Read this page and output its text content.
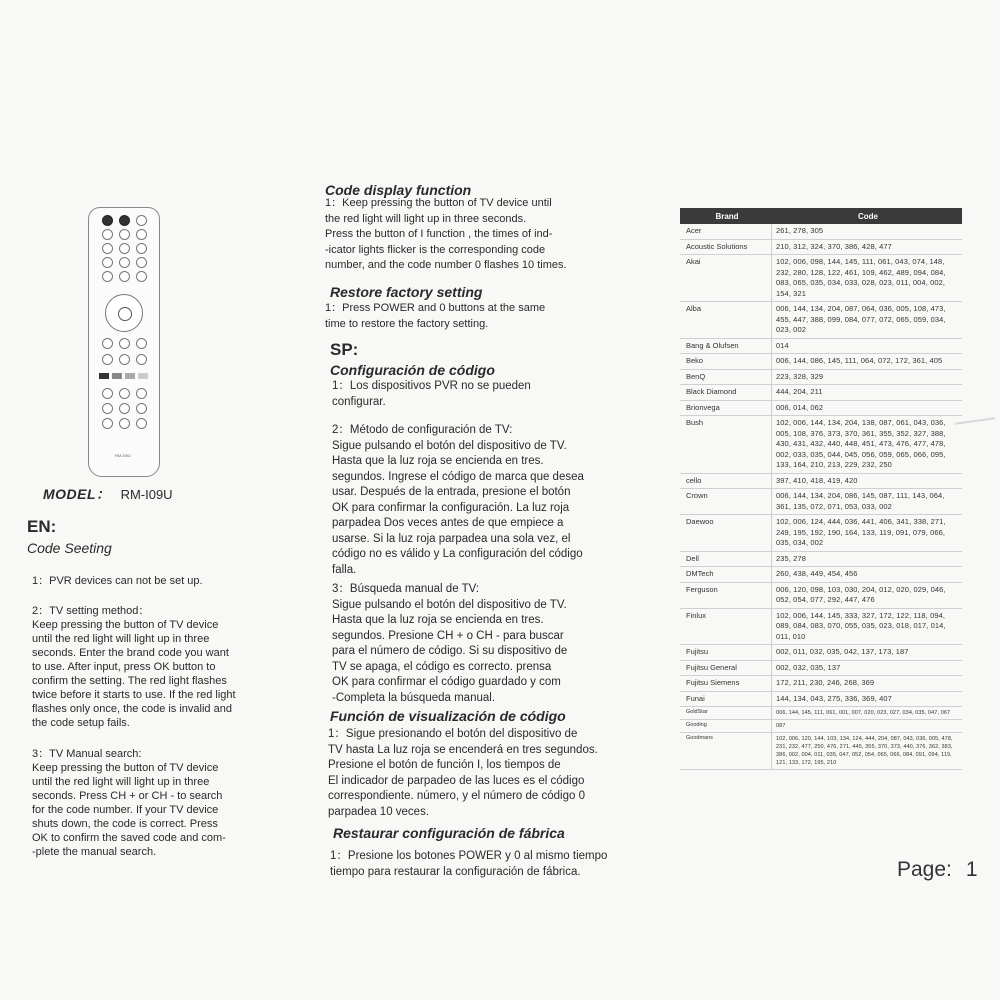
RM-I09U
MODEL： RM-I09U
EN:
Code Seeting
1：PVR devices can not be set up.
2：TV setting method：
Keep pressing the button of TV device
until the red light will light up in three
seconds. Enter the brand code you want
to use. After input, press OK button to
confirm the setting. The red light flashes
twice before it starts to use. If the red light
flashes only once, the code is invalid and
the code setup fails.
3：TV Manual search:
Keep pressing the button of TV device
until the red light will light up in three
seconds. Press CH + or CH - to search
for the code number. If your TV device
shuts down, the code is correct. Press
OK to confirm the saved code and com-
-plete the manual search.
Code display function
1：Keep pressing the button of TV device until
the red light will light up in three seconds.
Press the button of I function , the times of ind-
-icator lights flicker is the corresponding code
number, and the code number 0 flashes 10 times.
Restore factory setting
1：Press POWER and 0 buttons at the same
time to restore the factory setting.
SP:
Configuración de código
1：Los dispositivos PVR no se pueden
configurar.
2：Método de configuración de TV:
Sigue pulsando el botón del dispositivo de TV.
Hasta que la luz roja se encienda en tres.
segundos. Ingrese el código de marca que desea
usar. Después de la entrada, presione el botón
OK para confirmar la configuración. La luz roja
parpadea Dos veces antes de que empiece a
usarse. Si la luz roja parpadea una sola vez, el
código no es válido y La configuración del código
falla.
3：Búsqueda manual de TV:
Sigue pulsando el botón del dispositivo de TV.
Hasta que la luz roja se encienda en tres.
segundos. Presione CH + o CH - para buscar
para el número de código. Si su dispositivo de
TV se apaga, el código es correcto. prensa
OK para confirmar el código guardado y com
-Completa la búsqueda manual.
Función de visualización de código
1：Sigue presionando el botón del dispositivo de
TV hasta La luz roja se encenderá en tres segundos.
Presione el botón de función I, los tiempos de
El indicador de parpadeo de las luces es el código
correspondiente. número, y el número de código 0
parpadea 10 veces.
Restaurar configuración de fábrica
1：Presione los botones POWER y 0 al mismo tiempo
tiempo para restaurar la configuración de fábrica.
Brand	Code
Acer	261, 278, 305
Acoustic Solutions	210, 312, 324, 370, 386, 428, 477
Akai	102, 006, 098, 144, 145, 111, 061, 043, 074, 148, 232, 280, 128, 122, 461, 109, 462, 489, 094, 084, 083, 065, 035, 034, 033, 028, 023, 011, 004, 002, 154, 321
Alba	006, 144, 134, 204, 087, 064, 036, 005, 108, 473, 455, 447, 388, 099, 084, 077, 072, 065, 059, 034, 023, 002
Bang & Olufsen	014
Beko	006, 144, 086, 145, 111, 064, 072, 172, 361, 405
BenQ	223, 328, 329
Black Diamond	444, 204, 211
Brionvega	006, 014, 062
Bush	102, 006, 144, 134, 204, 138, 087, 061, 043, 036, 005, 108, 376, 373, 370, 361, 355, 352, 327, 388, 430, 431, 432, 440, 448, 451, 473, 476, 477, 478, 002, 033, 035, 044, 045, 056, 059, 065, 066, 095, 133, 164, 210, 213, 229, 232, 250
cello	397, 410, 418, 419, 420
Crown	006, 144, 134, 204, 086, 145, 087, 111, 143, 064, 361, 135, 072, 071, 053, 033, 002
Daewoo	102, 006, 124, 444, 036, 441, 406, 341, 338, 271, 249, 195, 192, 190, 164, 133, 119, 091, 079, 066, 035, 034, 002
Dell	235, 278
DMTech	260, 438, 449, 454, 456
Ferguson	006, 120, 098, 103, 030, 204, 012, 020, 029, 046, 052, 054, 077, 292, 447, 476
Finlux	102, 006, 144, 145, 333, 327, 172, 122, 118, 094, 089, 084, 083, 070, 055, 035, 023, 018, 017, 014, 011, 010
Fujitsu	002, 011, 032, 035, 042, 137, 173, 187
Fujitsu General	002, 032, 035, 137
Fujitsu Siemens	172, 211, 230, 246, 268, 369
Funai	144, 134, 043, 275, 336, 369, 407
GoldStar	006, 144, 145, 111, 061, 001, 007, 020, 023, 027, 034, 035, 047, 067
Gooding	087
Goodmans	102, 006, 120, 144, 103, 134, 124, 444, 204, 087, 043, 036, 005, 478, 231, 232, 477, 250, 476, 271, 445, 355, 370, 373, 440, 376, 362, 383, 386, 002, 004, 011, 035, 047, 052, 054, 065, 066, 084, 091, 094, 119, 121, 133, 172, 195, 210
Page: 1
